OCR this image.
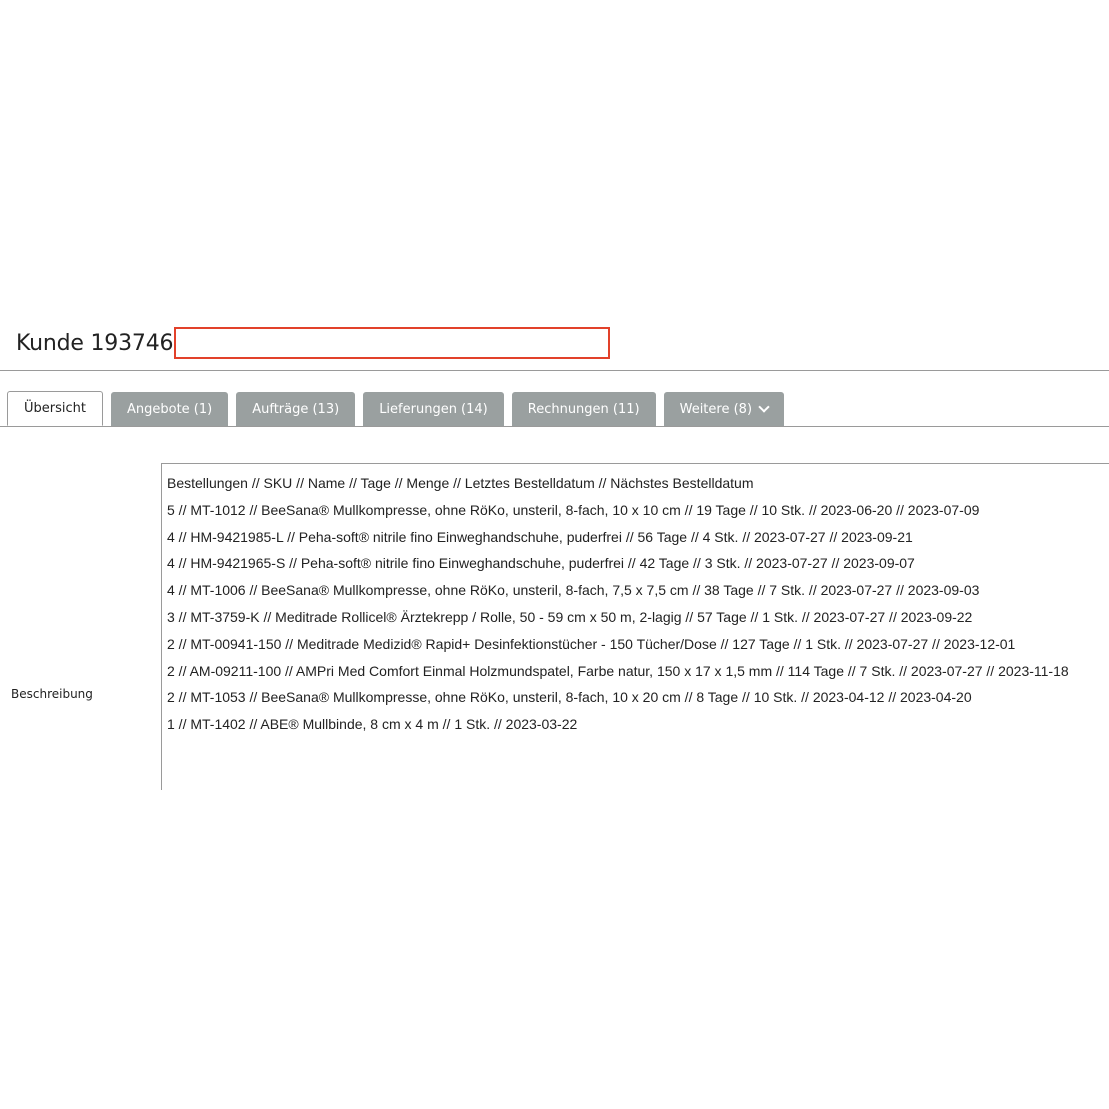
Kunde 193746
Übersicht	Angebote (1)	Aufträge (13)	Lieferungen (14)	Rechnungen (11)	Weitere (8)
Beschreibung
Bestellungen // SKU // Name // Tage // Menge // Letztes Bestelldatum // Nächstes Bestelldatum
5 // MT-1012 // BeeSana® Mullkompresse, ohne RöKo, unsteril, 8-fach, 10 x 10 cm // 19 Tage // 10 Stk. // 2023-06-20 // 2023-07-09
4 // HM-9421985-L // Peha-soft® nitrile fino Einweghandschuhe, puderfrei // 56 Tage // 4 Stk. // 2023-07-27 // 2023-09-21
4 // HM-9421965-S // Peha-soft® nitrile fino Einweghandschuhe, puderfrei // 42 Tage // 3 Stk. // 2023-07-27 // 2023-09-07
4 // MT-1006 // BeeSana® Mullkompresse, ohne RöKo, unsteril, 8-fach, 7,5 x 7,5 cm // 38 Tage // 7 Stk. // 2023-07-27 // 2023-09-03
3 // MT-3759-K // Meditrade Rollicel® Ärztekrepp / Rolle, 50 - 59 cm x 50 m, 2-lagig // 57 Tage // 1 Stk. // 2023-07-27 // 2023-09-22
2 // MT-00941-150 // Meditrade Medizid® Rapid+ Desinfektionstücher - 150 Tücher/Dose // 127 Tage // 1 Stk. // 2023-07-27 // 2023-12-01
2 // AM-09211-100 // AMPri Med Comfort Einmal Holzmundspatel, Farbe natur, 150 x 17 x 1,5 mm // 114 Tage // 7 Stk. // 2023-07-27 // 2023-11-18
2 // MT-1053 // BeeSana® Mullkompresse, ohne RöKo, unsteril, 8-fach, 10 x 20 cm // 8 Tage // 10 Stk. // 2023-04-12 // 2023-04-20
1 // MT-1402 // ABE® Mullbinde, 8 cm x 4 m // 1 Stk. // 2023-03-22
